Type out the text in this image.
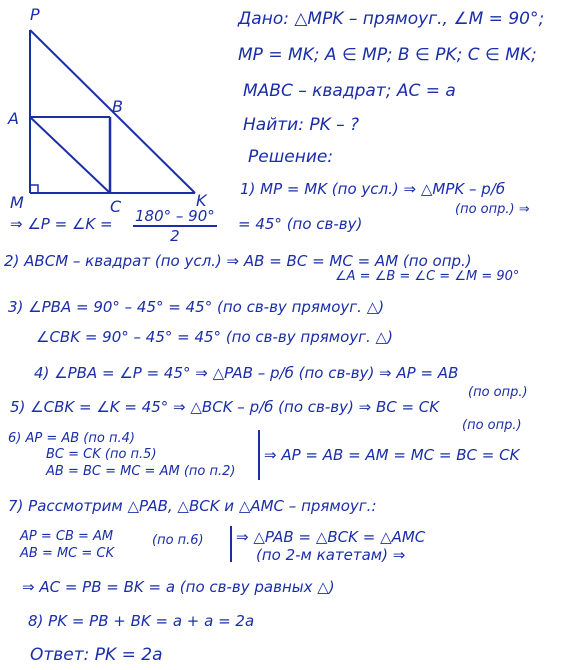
P
A
B
M	C	K
Дано: △MPK – прямоуг., ∠M = 90°;
MP = MK; A ∈ MP; B ∈ PK; C ∈ MK;
MABC – квадрат; AC = a
Найти: PK – ?
Решение:
1) MP = MK (по усл.) ⇒ △MPK – р/б
(по опр.) ⇒
⇒ ∠P = ∠K = $\frac{180^\circ - 90^\circ}{2} = 45^\circ$ (по св-ву)
2) ABCM – квадрат (по усл.) ⇒ AB = BC = MC = AM (по опр.)
∠A = ∠B = ∠C = ∠M = 90°
3) ∠PBA = 90° – 45° = 45° (по св-ву прямоуг. △)
∠CBK = 90° – 45° = 45° (по св-ву прямоуг. △)
4) ∠PBA = ∠P = 45° ⇒ △PAB – р/б (по св-ву) ⇒ AP = AB
(по опр.)
5) ∠CBK = ∠K = 45° ⇒ △BCK – р/б (по св-ву) ⇒ BC = CK
(по опр.)
6) AP = AB (по п.4)
BC = CK (по п.5)
AB = BC = MC = AM (по п.2)
⇒ AP = AB = AM = MC = BC = CK
7) Рассмотрим △PAB, △BCK и △AMC – прямоуг.:
AP = CB = AM
AB = MC = CK
(по п.6) ⇒ △PAB = △BCK = △AMC
(по 2-м катетам) ⇒
⇒ AC = PB = BK = a (по св-ву равных △)
8) PK = PB + BK = a + a = 2a
Ответ: PK = 2a
